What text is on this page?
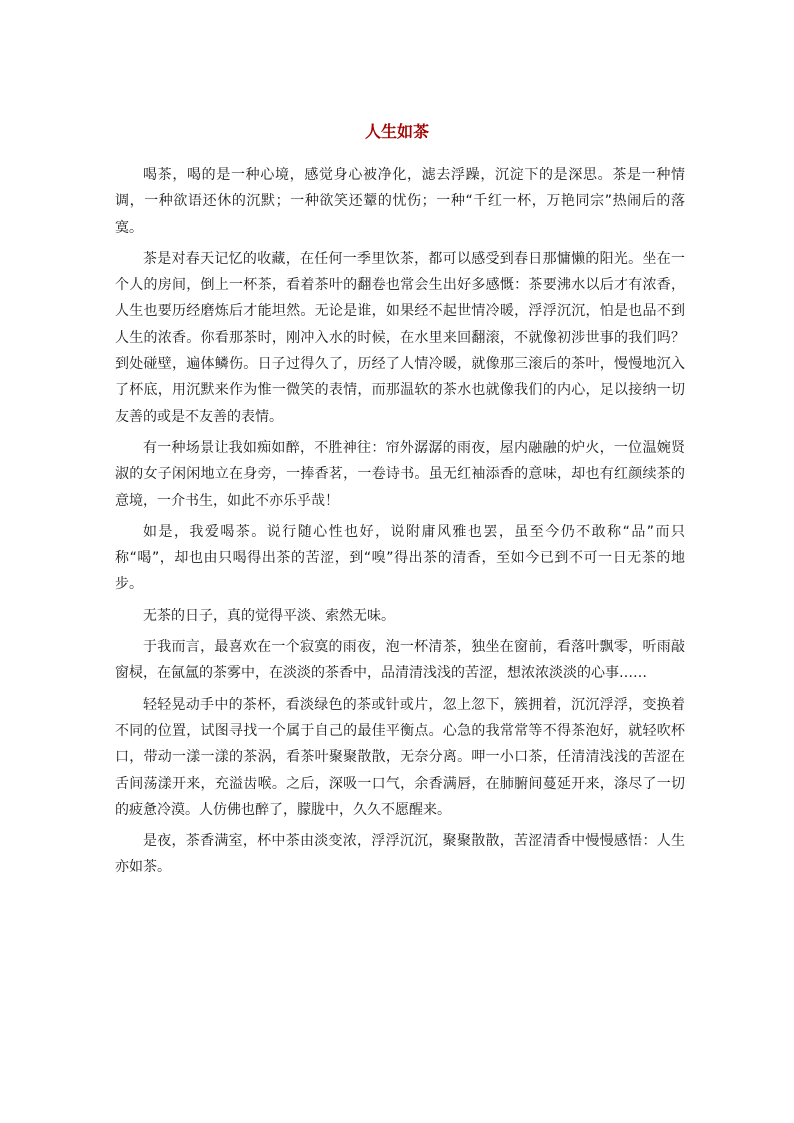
人生如茶

喝茶，喝的是一种心境，感觉身心被净化，滤去浮躁，沉淀下的是深思。茶是一种情调，一种欲语还休的沉默；一种欲笑还颦的忧伤；一种“千红一杯，万艳同宗”热闹后的落寞。

茶是对春天记忆的收藏，在任何一季里饮茶，都可以感受到春日那慵懒的阳光。坐在一个人的房间，倒上一杯茶，看着茶叶的翻卷也常会生出好多感慨：茶要沸水以后才有浓香，人生也要历经磨炼后才能坦然。无论是谁，如果经不起世情冷暖，浮浮沉沉，怕是也品不到人生的浓香。你看那茶时，刚冲入水的时候，在水里来回翻滚，不就像初涉世事的我们吗？到处碰壁，遍体鳞伤。日子过得久了，历经了人情冷暖，就像那三滚后的茶叶，慢慢地沉入了杯底，用沉默来作为惟一微笑的表情，而那温软的茶水也就像我们的内心，足以接纳一切友善的或是不友善的表情。

有一种场景让我如痴如醉，不胜神往：帘外潺潺的雨夜，屋内融融的炉火，一位温婉贤淑的女子闲闲地立在身旁，一捧香茗，一卷诗书。虽无红袖添香的意味，却也有红颜续茶的意境，一介书生，如此不亦乐乎哉！

如是，我爱喝茶。说行随心性也好，说附庸风雅也罢，虽至今仍不敢称“品”而只称“喝”，却也由只喝得出茶的苦涩，到“嗅”得出茶的清香，至如今已到不可一日无茶的地步。

无茶的日子，真的觉得平淡、索然无味。

于我而言，最喜欢在一个寂寞的雨夜，泡一杯清茶，独坐在窗前，看落叶飘零，听雨敲窗棂，在氤氲的茶雾中，在淡淡的茶香中，品清清浅浅的苦涩，想浓浓淡淡的心事……

轻轻晃动手中的茶杯，看淡绿色的茶或针或片，忽上忽下，簇拥着，沉沉浮浮，变换着不同的位置，试图寻找一个属于自己的最佳平衡点。心急的我常常等不得茶泡好，就轻吹杯口，带动一漾一漾的茶涡，看茶叶聚聚散散，无奈分离。呷一小口茶，任清清浅浅的苦涩在舌间荡漾开来，充溢齿喉。之后，深吸一口气，余香满唇，在肺腑间蔓延开来，涤尽了一切的疲惫冷漠。人仿佛也醉了，朦胧中，久久不愿醒来。

是夜，茶香满室，杯中茶由淡变浓，浮浮沉沉，聚聚散散，苦涩清香中慢慢感悟：人生亦如茶。
